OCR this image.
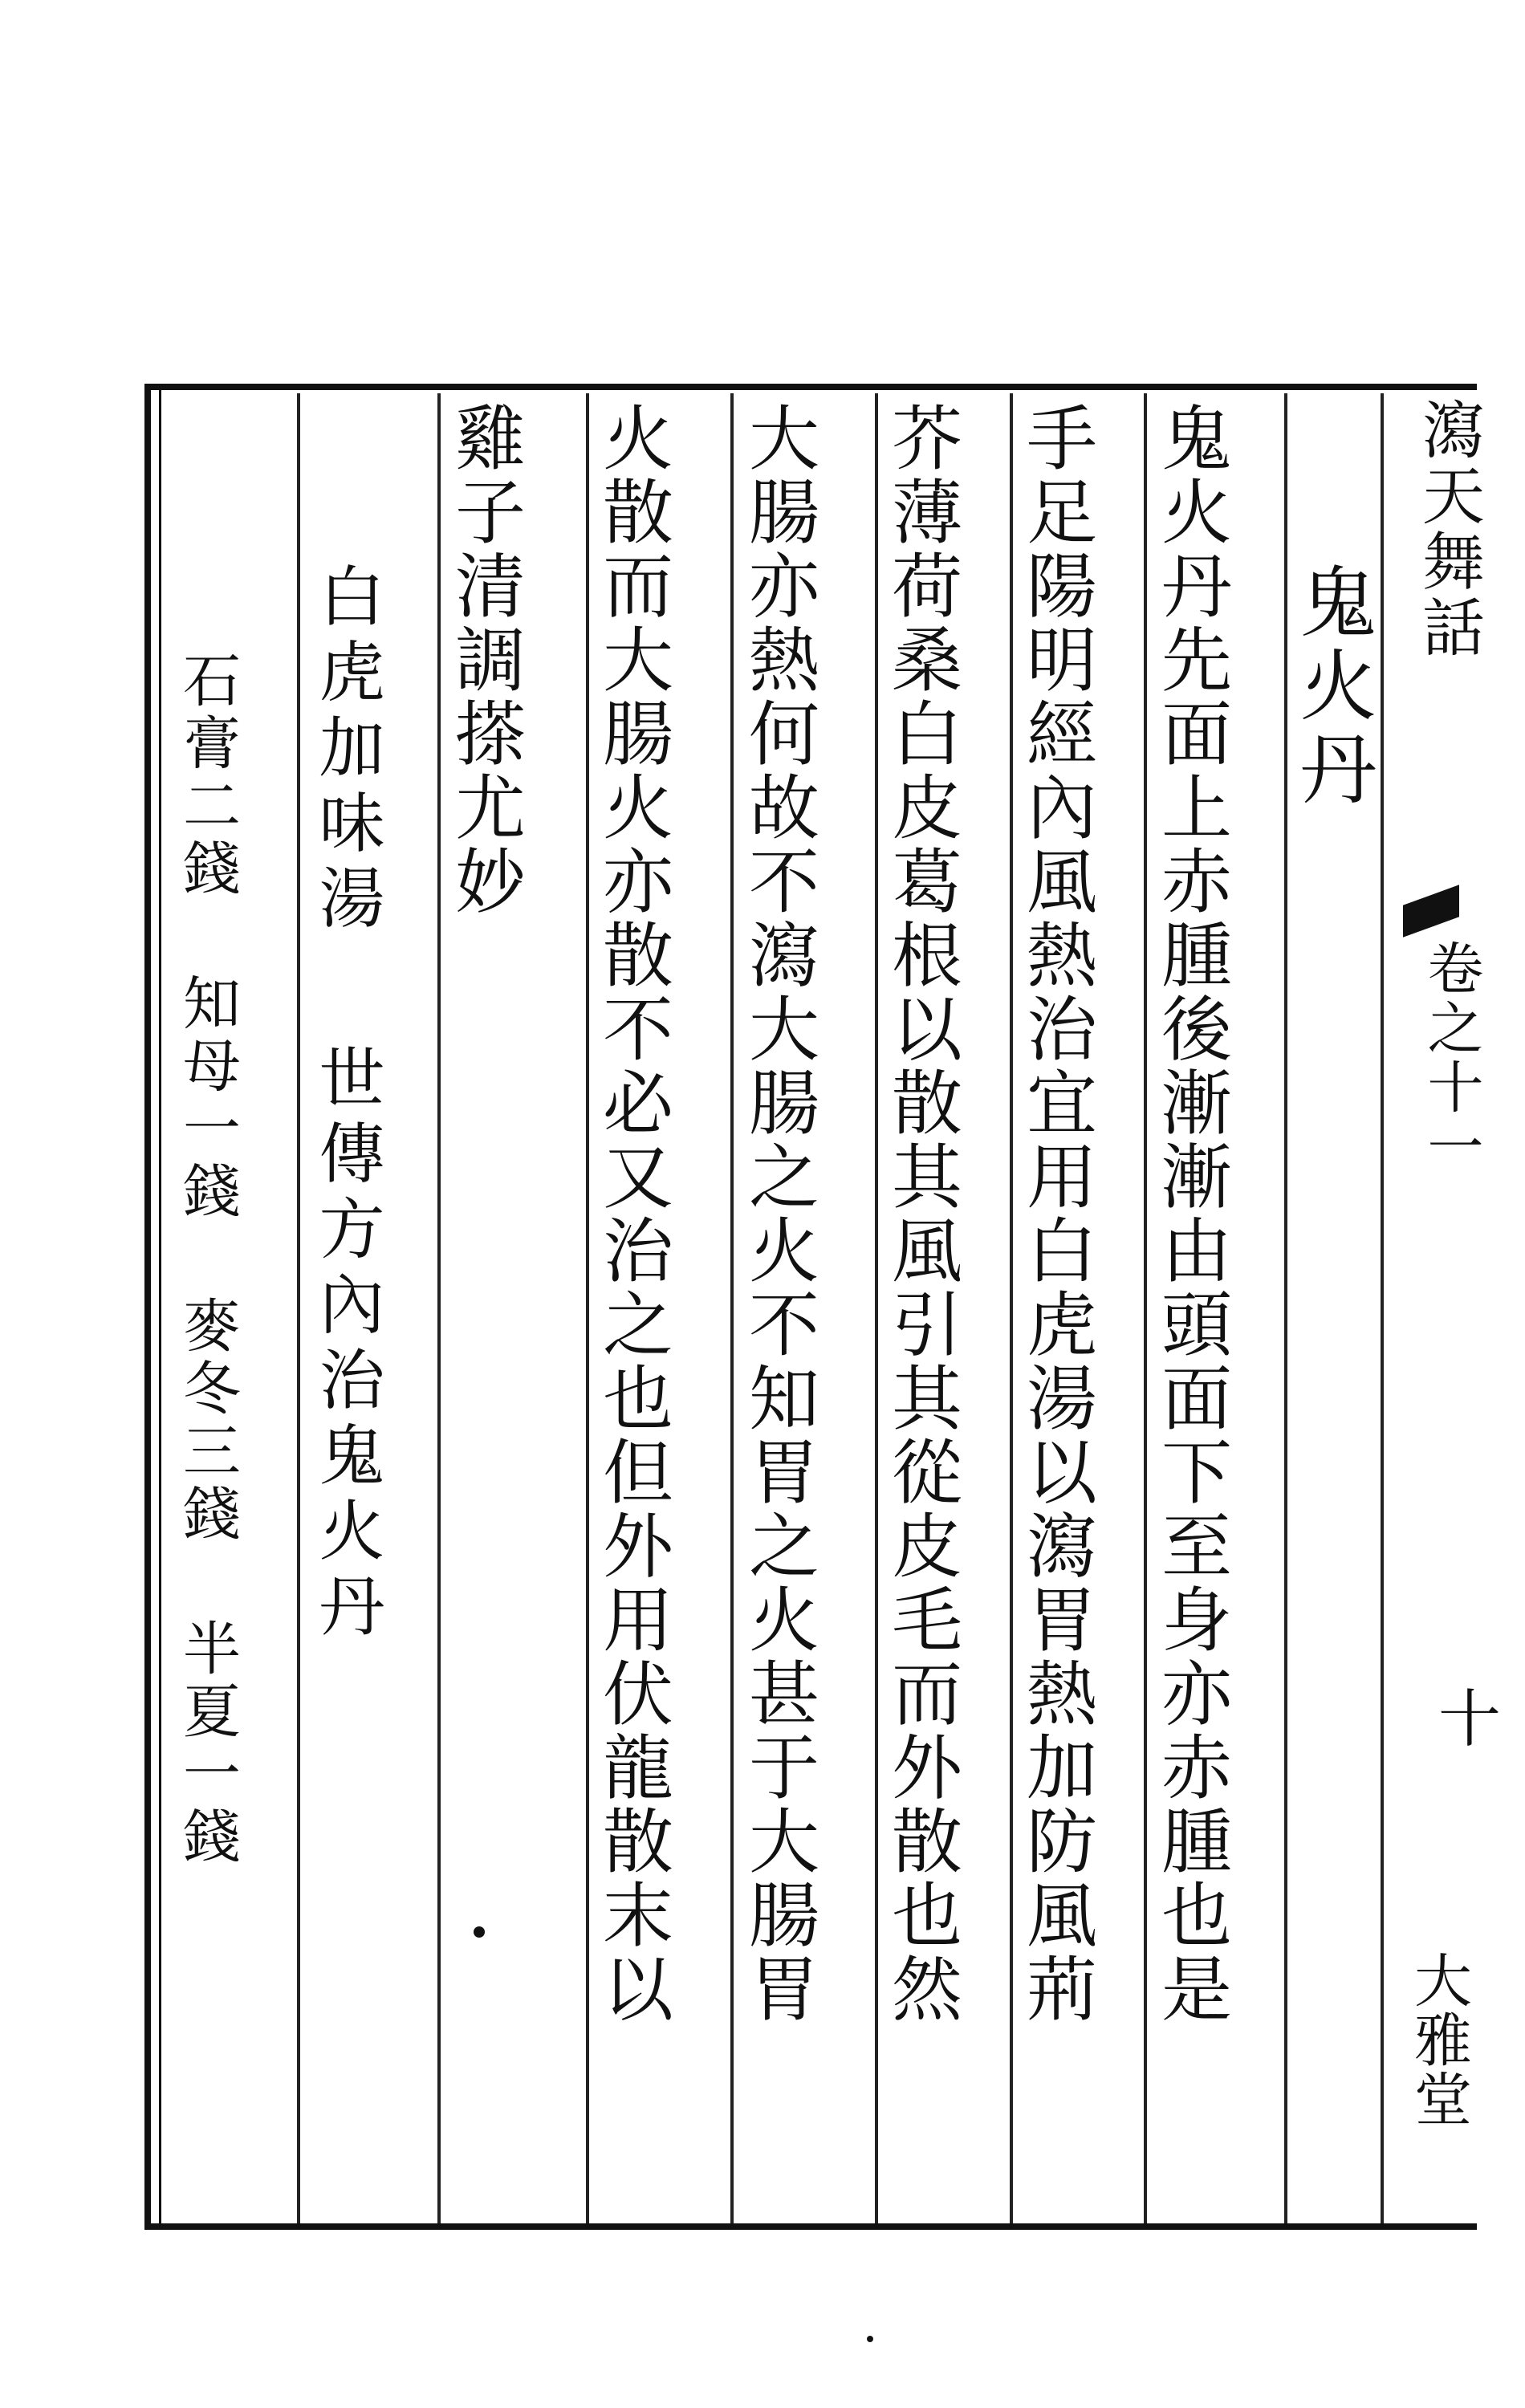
瀉天舞話
卷之十一
十
大雅堂
鬼火丹
鬼火丹先面上赤腫後漸漸由頭面下至身亦赤腫也是
手足陽明經內風熱治宜用白虎湯以瀉胃熱加防風荊
芥薄荷桑白皮葛根以散其風引其從皮毛而外散也然
大腸亦熱何故不瀉大腸之火不知胃之火甚于大腸胃
火散而大腸火亦散不必又治之也但外用伏龍散末以
雞子清調搽尤妙
白虎加味湯
世傳方內治鬼火丹
石膏二錢 知母一錢 麥冬三錢 半夏一錢
